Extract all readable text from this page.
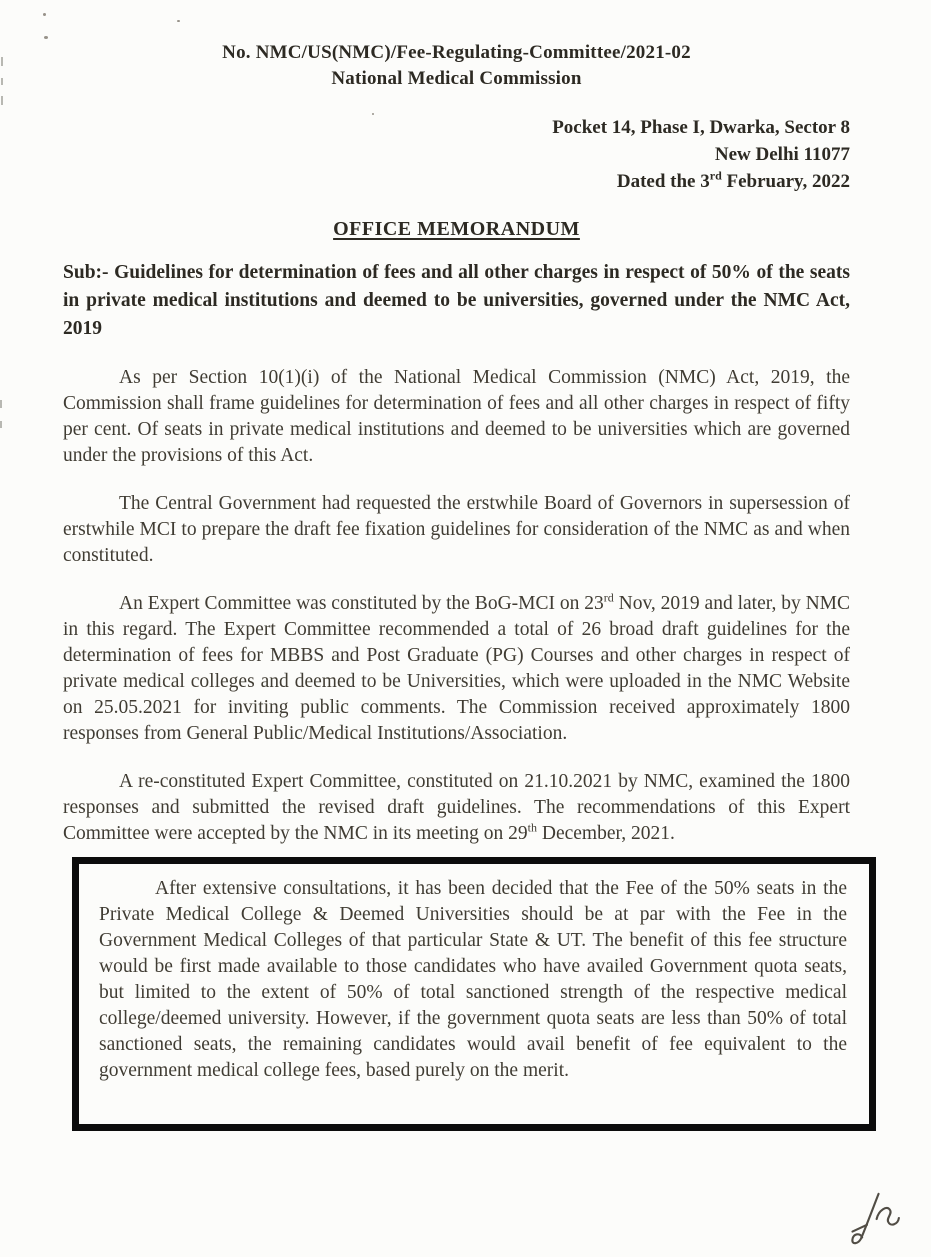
No. NMC/US(NMC)/Fee-Regulating-Committee/2021-02
National Medical Commission
Pocket 14, Phase I, Dwarka, Sector 8
New Delhi 11077
Dated the 3rd February, 2022
OFFICE MEMORANDUM

Sub:- Guidelines for determination of fees and all other charges in respect of 50% of the seats in private medical institutions and deemed to be universities, governed under the NMC Act, 2019

As per Section 10(1)(i) of the National Medical Commission (NMC) Act, 2019, the Commission shall frame guidelines for determination of fees and all other charges in respect of fifty per cent. Of seats in private medical institutions and deemed to be universities which are governed under the provisions of this Act.

The Central Government had requested the erstwhile Board of Governors in supersession of erstwhile MCI to prepare the draft fee fixation guidelines for consideration of the NMC as and when constituted.

An Expert Committee was constituted by the BoG-MCI on 23rd Nov, 2019 and later, by NMC in this regard. The Expert Committee recommended a total of 26 broad draft guidelines for the determination of fees for MBBS and Post Graduate (PG) Courses and other charges in respect of private medical colleges and deemed to be Universities, which were uploaded in the NMC Website on 25.05.2021 for inviting public comments. The Commission received approximately 1800 responses from General Public/Medical Institutions/Association.

A re-constituted Expert Committee, constituted on 21.10.2021 by NMC, examined the 1800 responses and submitted the revised draft guidelines. The recommendations of this Expert Committee were accepted by the NMC in its meeting on 29th December, 2021.

After extensive consultations, it has been decided that the Fee of the 50% seats in the Private Medical College & Deemed Universities should be at par with the Fee in the Government Medical Colleges of that particular State & UT. The benefit of this fee structure would be first made available to those candidates who have availed Government quota seats, but limited to the extent of 50% of total sanctioned strength of the respective medical college/deemed university. However, if the government quota seats are less than 50% of total sanctioned seats, the remaining candidates would avail benefit of fee equivalent to the government medical college fees, based purely on the merit.
